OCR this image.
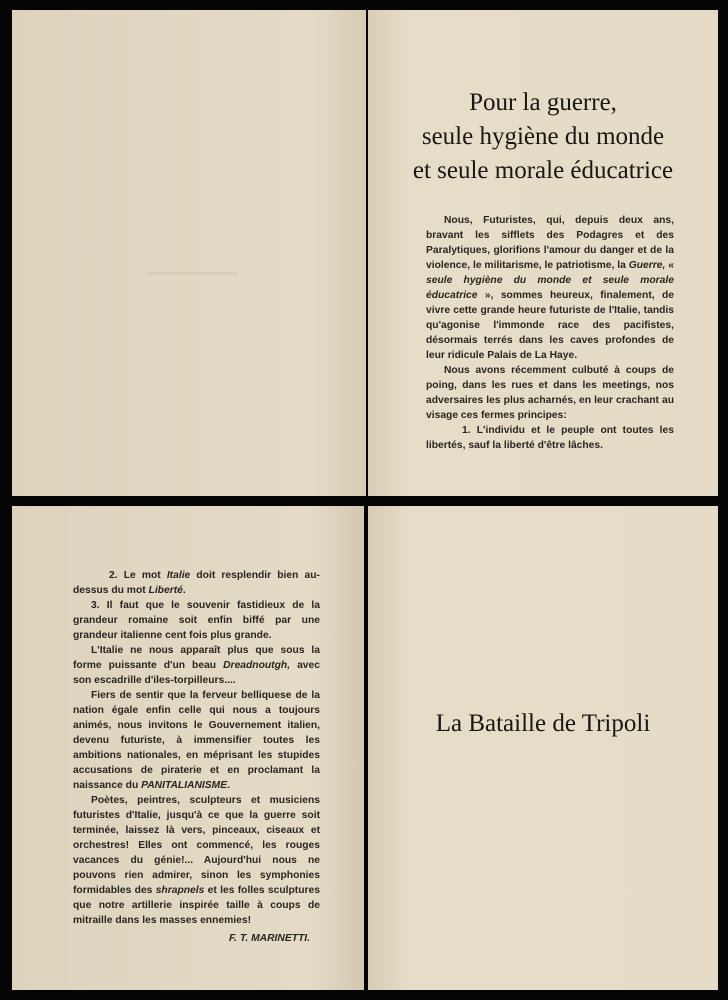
Pour la guerre,
seule hygiène du monde
et seule morale éducatrice

Nous, Futuristes, qui, depuis deux ans, bravant les sifflets des Podagres et des Paralytiques, glorifions l'amour du danger et de la violence, le militarisme, le patriotisme, la Guerre, « seule hygiène du monde et seule morale éducatrice », sommes heureux, finalement, de vivre cette grande heure futuriste de l'Italie, tandis qu'agonise l'immonde race des pacifistes, désormais terrés dans les caves profondes de leur ridicule Palais de La Haye.

Nous avons récemment culbuté à coups de poing, dans les rues et dans les meetings, nos adversaires les plus acharnés, en leur crachant au visage ces fermes principes:

1. L'individu et le peuple ont toutes les libertés, sauf la liberté d'être lâches.

2. Le mot Italie doit resplendir bien au-dessus du mot Liberté.

3. Il faut que le souvenir fastidieux de la grandeur romaine soit enfin biffé par une grandeur italienne cent fois plus grande.

L'Italie ne nous apparaît plus que sous la forme puissante d'un beau Dreadnoutgh, avec son escadrille d'iles-torpilleurs....

Fiers de sentir que la ferveur belliquese de la nation égale enfin celle qui nous a toujours animés, nous invitons le Gouvernement italien, devenu futuriste, à immensifier toutes les ambitions nationales, en méprisant les stupides accusations de piraterie et en proclamant la naissance du PANITALIANISME.

Poètes, peintres, sculpteurs et musiciens futuristes d'Italie, jusqu'à ce que la guerre soit terminée, laissez là vers, pinceaux, ciseaux et orchestres! Elles ont commencé, les rouges vacances du génie!... Aujourd'hui nous ne pouvons rien admirer, sinon les symphonies formidables des shrapnels et les folles sculptures que notre artillerie inspirée taille à coups de mitraille dans les masses ennemies!

F. T. MARINETTI.
La Bataille de Tripoli
